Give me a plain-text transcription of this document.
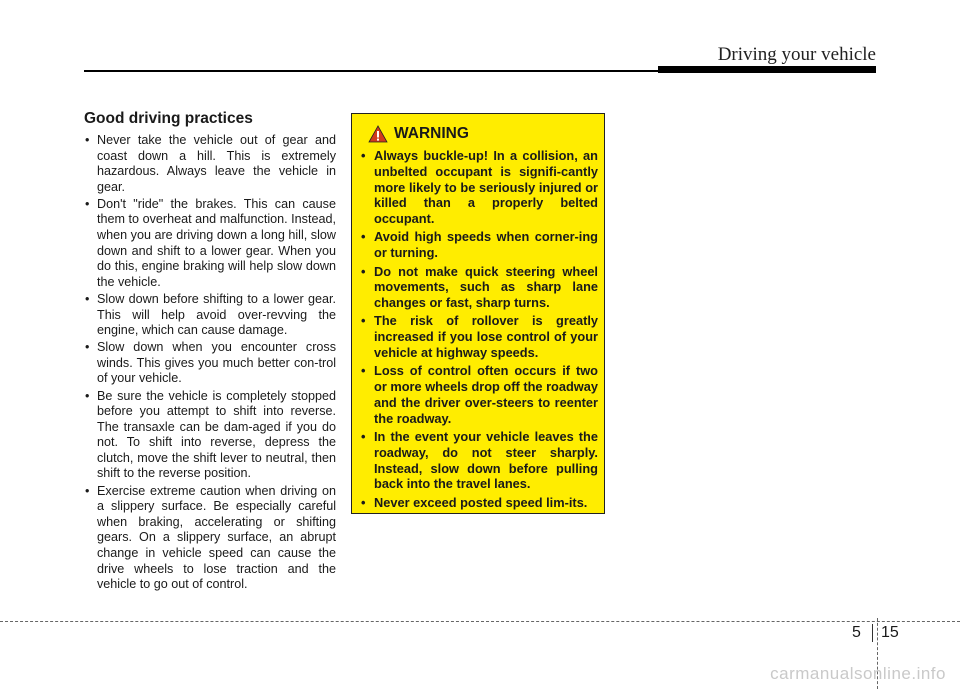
Driving your vehicle
Good driving practices
• Never take the vehicle out of gear and coast down a hill. This is extremely hazardous. Always leave the vehicle in gear.
• Don't "ride" the brakes. This can cause them to overheat and malfunction. Instead, when you are driving down a long hill, slow down and shift to a lower gear. When you do this, engine braking will help slow down the vehicle.
• Slow down before shifting to a lower gear. This will help avoid over-revving the engine, which can cause damage.
• Slow down when you encounter cross winds. This gives you much better con-trol of your vehicle.
• Be sure the vehicle is completely stopped before you attempt to shift into reverse. The transaxle can be dam-aged if you do not. To shift into reverse, depress the clutch, move the shift lever to neutral, then shift to the reverse position.
• Exercise extreme caution when driving on a slippery surface. Be especially careful when braking, accelerating or shifting gears. On a slippery surface, an abrupt change in vehicle speed can cause the drive wheels to lose traction and the vehicle to go out of control.
WARNING
• Always buckle-up! In a collision, an unbelted occupant is signifi-cantly more likely to be seriously injured or killed than a properly belted occupant.
• Avoid high speeds when corner-ing or turning.
• Do not make quick steering wheel movements, such as sharp lane changes or fast, sharp turns.
• The risk of rollover is greatly increased if you lose control of your vehicle at highway speeds.
• Loss of control often occurs if two or more wheels drop off the roadway and the driver over-steers to reenter the roadway.
• In the event your vehicle leaves the roadway, do not steer sharply. Instead, slow down before pulling back into the travel lanes.
• Never exceed posted speed lim-its.
5 15
carmanualsonline.info
